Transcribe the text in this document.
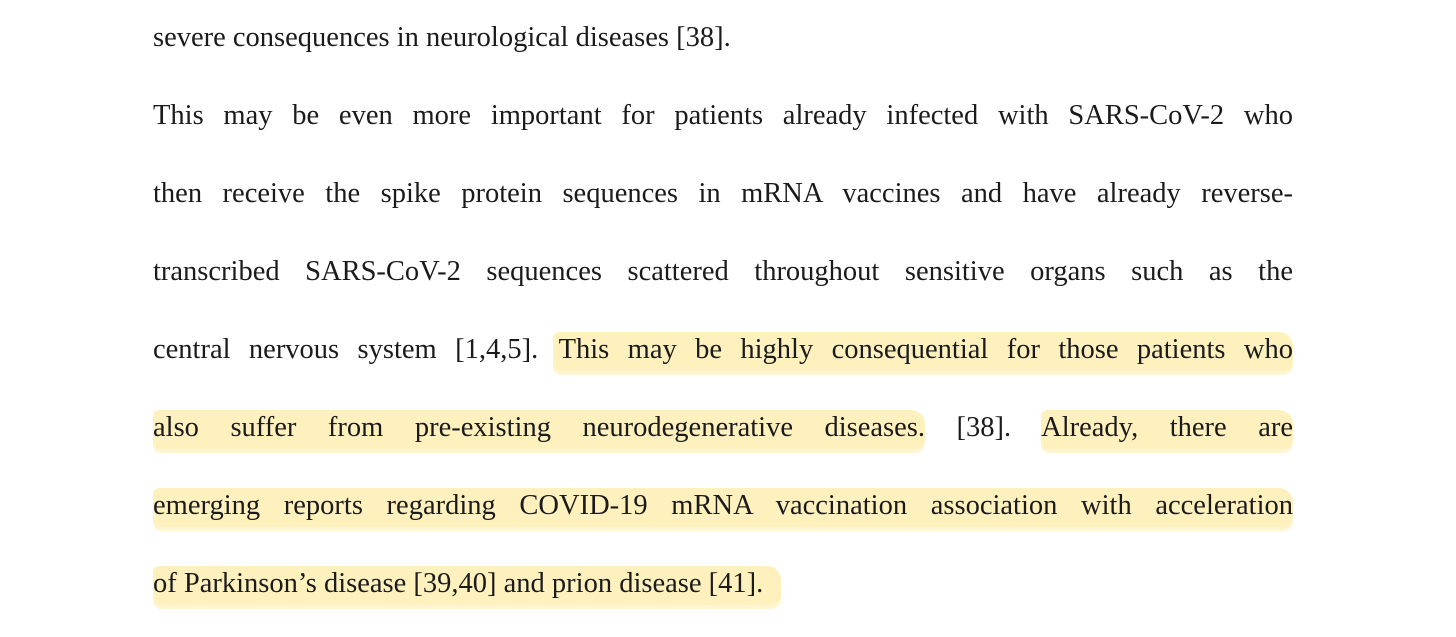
severe consequences in neurological diseases [38].
This may be even more important for patients already infected with SARS-CoV-2 who
then receive the spike protein sequences in mRNA vaccines and have already reverse-
transcribed SARS-CoV-2 sequences scattered throughout sensitive organs such as the
central nervous system [1,4,5]. This may be highly consequential for those patients who
also suffer from pre-existing neurodegenerative diseases. [38]. Already, there are
emerging reports regarding COVID-19 mRNA vaccination association with acceleration
of Parkinson’s disease [39,40] and prion disease [41].
